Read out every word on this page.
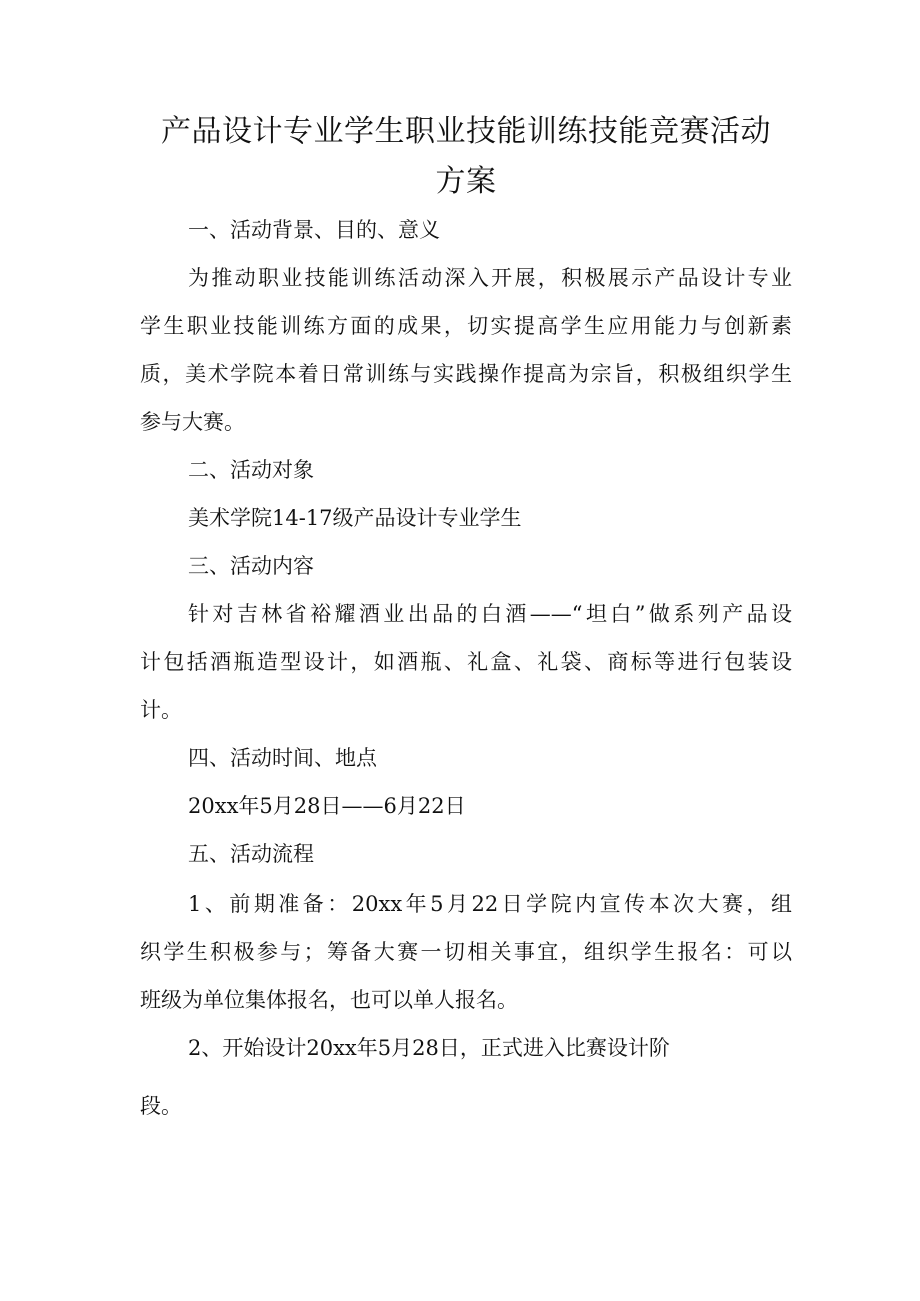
产品设计专业学生职业技能训练技能竞赛活动
方案
一、活动背景、目的、意义
为推动职业技能训练活动深入开展，积极展示产品设计专业
学生职业技能训练方面的成果，切实提高学生应用能力与创新素
质，美术学院本着日常训练与实践操作提高为宗旨，积极组织学生
参与大赛。
二、活动对象
美术学院14-17级产品设计专业学生
三、活动内容
针对吉林省裕耀酒业出品的白酒——“坦白”做系列产品设
计包括酒瓶造型设计，如酒瓶、礼盒、礼袋、商标等进行包装设
计。
四、活动时间、地点
20xx年5月28日——6月22日
五、活动流程
1、前期准备：20xx年5月22日学院内宣传本次大赛，组
织学生积极参与；筹备大赛一切相关事宜，组织学生报名：可以
班级为单位集体报名，也可以单人报名。
2、开始设计20xx年5月28日，正式进入比赛设计阶
段。
